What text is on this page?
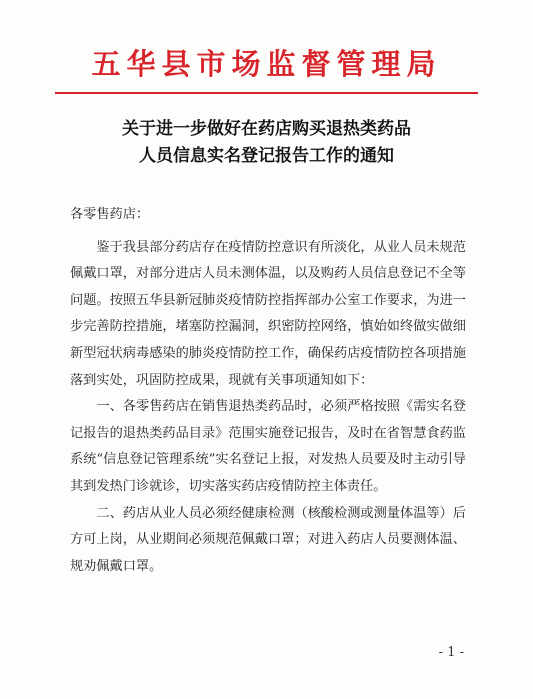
五华县市场监督管理局
关于进一步做好在药店购买退热类药品
人员信息实名登记报告工作的通知

各零售药店：

鉴于我县部分药店存在疫情防控意识有所淡化，从业人员未规范佩戴口罩，对部分进店人员未测体温，以及购药人员信息登记不全等问题。按照五华县新冠肺炎疫情防控指挥部办公室工作要求，为进一步完善防控措施，堵塞防控漏洞，织密防控网络，慎始如终做实做细新型冠状病毒感染的肺炎疫情防控工作，确保药店疫情防控各项措施落到实处，巩固防控成果，现就有关事项通知如下：

一、各零售药店在销售退热类药品时，必须严格按照《需实名登记报告的退热类药品目录》范围实施登记报告，及时在省智慧食药监系统“信息登记管理系统”实名登记上报，对发热人员要及时主动引导其到发热门诊就诊，切实落实药店疫情防控主体责任。

二、药店从业人员必须经健康检测（核酸检测或测量体温等）后方可上岗，从业期间必须规范佩戴口罩；对进入药店人员要测体温、规劝佩戴口罩。

- 1 -
